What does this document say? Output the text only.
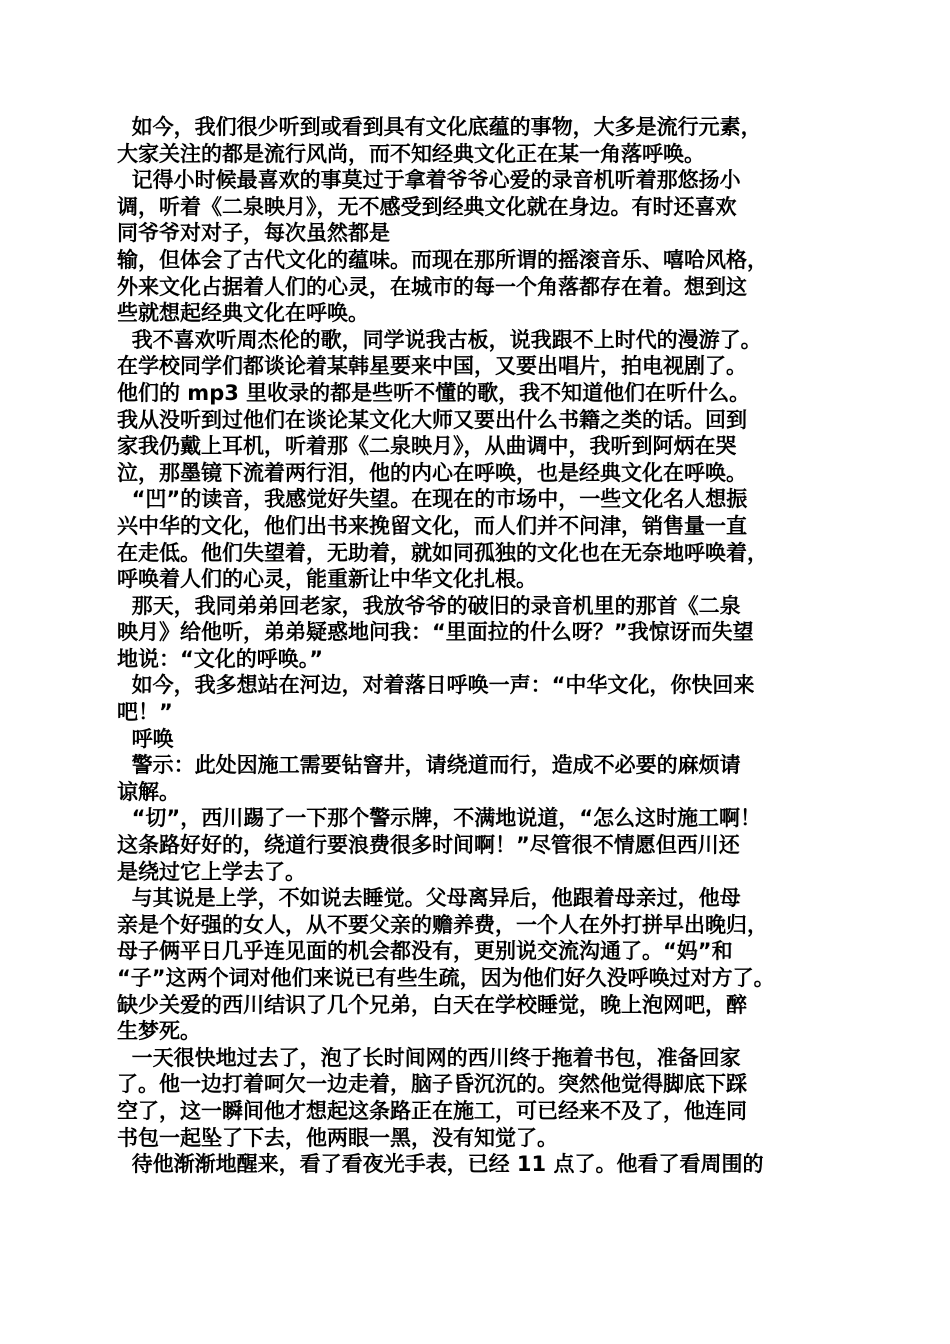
如今，我们很少听到或看到具有文化底蕴的事物，大多是流行元素，
大家关注的都是流行风尚，而不知经典文化正在某一角落呼唤。
记得小时候最喜欢的事莫过于拿着爷爷心爱的录音机听着那悠扬小
调，听着《二泉映月》，无不感受到经典文化就在身边。有时还喜欢
同爷爷对对子，每次虽然都是
输，但体会了古代文化的蕴味。而现在那所谓的摇滚音乐、嘻哈风格，
外来文化占据着人们的心灵，在城市的每一个角落都存在着。想到这
些就想起经典文化在呼唤。
我不喜欢听周杰伦的歌，同学说我古板，说我跟不上时代的漫游了。
在学校同学们都谈论着某韩星要来中国，又要出唱片，拍电视剧了。
他们的 mp3 里收录的都是些听不懂的歌，我不知道他们在听什么。
我从没听到过他们在谈论某文化大师又要出什么书籍之类的话。回到
家我仍戴上耳机，听着那《二泉映月》，从曲调中，我听到阿炳在哭
泣，那墨镜下流着两行泪，他的内心在呼唤，也是经典文化在呼唤。
“凹”的读音，我感觉好失望。在现在的市场中，一些文化名人想振
兴中华的文化，他们出书来挽留文化，而人们并不问津，销售量一直
在走低。他们失望着，无助着，就如同孤独的文化也在无奈地呼唤着，
呼唤着人们的心灵，能重新让中华文化扎根。
那天，我同弟弟回老家，我放爷爷的破旧的录音机里的那首《二泉
映月》给他听，弟弟疑惑地问我：“里面拉的什么呀？”我惊讶而失望
地说：“文化的呼唤。”
如今，我多想站在河边，对着落日呼唤一声：“中华文化，你快回来
吧！”
呼唤
警示：此处因施工需要钻窨井，请绕道而行，造成不必要的麻烦请
谅解。
“切”，西川踢了一下那个警示牌，不满地说道，“怎么这时施工啊！
这条路好好的，绕道行要浪费很多时间啊！”尽管很不情愿但西川还
是绕过它上学去了。
与其说是上学，不如说去睡觉。父母离异后，他跟着母亲过，他母
亲是个好强的女人，从不要父亲的赡养费，一个人在外打拼早出晚归，
母子俩平日几乎连见面的机会都没有，更别说交流沟通了。“妈”和
“子”这两个词对他们来说已有些生疏，因为他们好久没呼唤过对方了。
缺少关爱的西川结识了几个兄弟，白天在学校睡觉，晚上泡网吧，醉
生梦死。
一天很快地过去了，泡了长时间网的西川终于拖着书包，准备回家
了。他一边打着呵欠一边走着，脑子昏沉沉的。突然他觉得脚底下踩
空了，这一瞬间他才想起这条路正在施工，可已经来不及了，他连同
书包一起坠了下去，他两眼一黑，没有知觉了。
待他渐渐地醒来，看了看夜光手表，已经 11 点了。他看了看周围的
